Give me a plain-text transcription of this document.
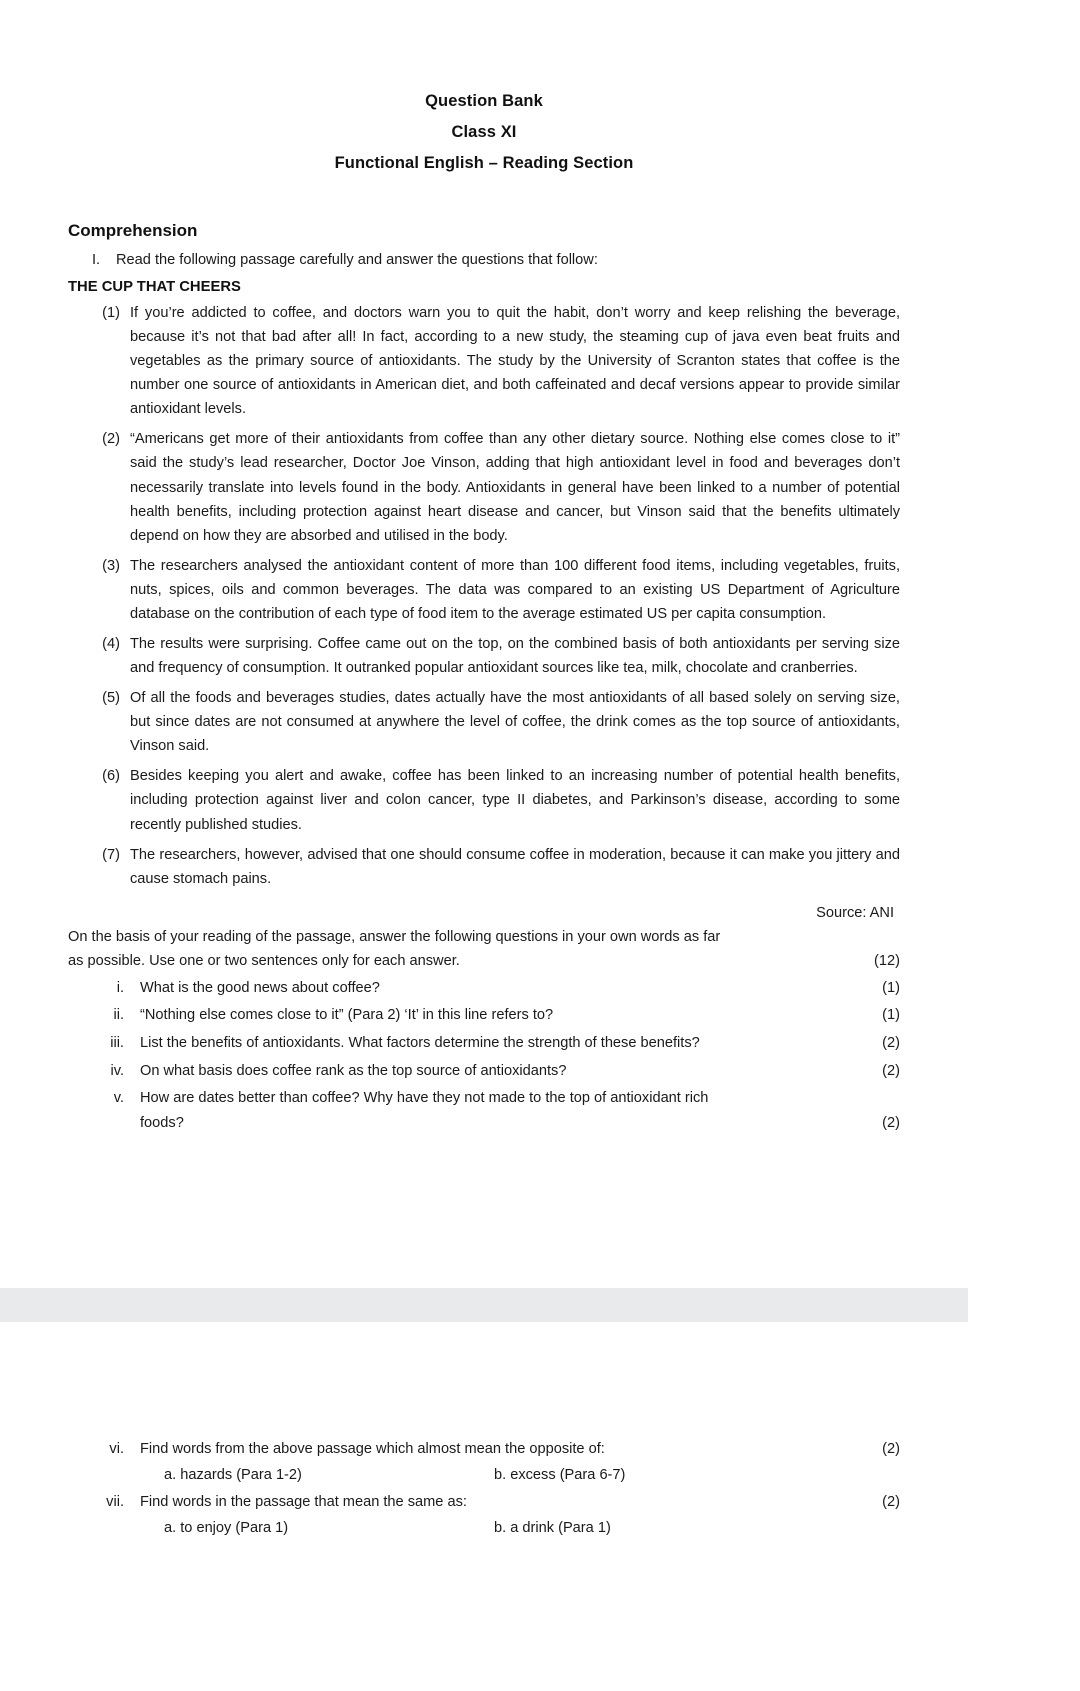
Question Bank
Class XI
Functional English – Reading Section
Comprehension
I.	Read the following passage carefully and answer the questions that follow:
THE CUP THAT CHEERS
(1) If you’re addicted to coffee, and doctors warn you to quit the habit, don’t worry and keep relishing the beverage, because it’s not that bad after all! In fact, according to a new study, the steaming cup of java even beat fruits and vegetables as the primary source of antioxidants. The study by the University of Scranton states that coffee is the number one source of antioxidants in American diet, and both caffeinated and decaf versions appear to provide similar antioxidant levels.
(2) “Americans get more of their antioxidants from coffee than any other dietary source. Nothing else comes close to it” said the study’s lead researcher, Doctor Joe Vinson, adding that high antioxidant level in food and beverages don’t necessarily translate into levels found in the body. Antioxidants in general have been linked to a number of potential health benefits, including protection against heart disease and cancer, but Vinson said that the benefits ultimately depend on how they are absorbed and utilised in the body.
(3) The researchers analysed the antioxidant content of more than 100 different food items, including vegetables, fruits, nuts, spices, oils and common beverages. The data was compared to an existing US Department of Agriculture database on the contribution of each type of food item to the average estimated US per capita consumption.
(4) The results were surprising. Coffee came out on the top, on the combined basis of both antioxidants per serving size and frequency of consumption. It outranked popular antioxidant sources like tea, milk, chocolate and cranberries.
(5) Of all the foods and beverages studies, dates actually have the most antioxidants of all based solely on serving size, but since dates are not consumed at anywhere the level of coffee, the drink comes as the top source of antioxidants, Vinson said.
(6) Besides keeping you alert and awake, coffee has been linked to an increasing number of potential health benefits, including protection against liver and colon cancer, type II diabetes, and Parkinson’s disease, according to some recently published studies.
(7) The researchers, however, advised that one should consume coffee in moderation, because it can make you jittery and cause stomach pains.
Source: ANI
On the basis of your reading of the passage, answer the following questions in your own words as far
as possible. Use one or two sentences only for each answer.	(12)
i.	What is the good news about coffee?	(1)
ii.	“Nothing else comes close to it” (Para 2) ‘It’ in this line refers to?	(1)
iii.	List the benefits of antioxidants. What factors determine the strength of these benefits?	(2)
iv.	On what basis does coffee rank as the top source of antioxidants?	(2)
v.	How are dates better than coffee? Why have they not made to the top of antioxidant rich
foods?	(2)
vi.	Find words from the above passage which almost mean the opposite of:	(2)
a. hazards (Para 1-2)	b. excess (Para 6-7)
vii.	Find words in the passage that mean the same as:	(2)
a. to enjoy (Para 1)	b. a drink (Para 1)
